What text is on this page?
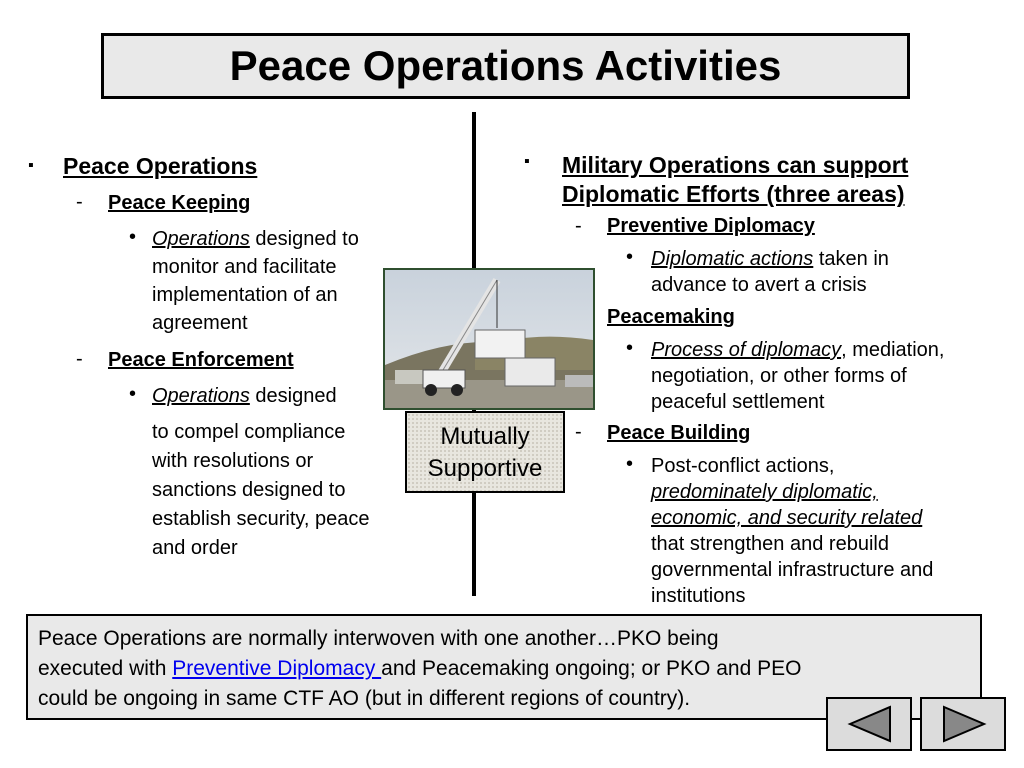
Peace Operations Activities
▪ Peace Operations
- Peace Keeping
• Operations designed to
monitor and facilitate
implementation of an
agreement
- Peace Enforcement
• Operations designed
to compel compliance
with resolutions or
sanctions designed to
establish security, peace
and order
Mutually
Supportive
▪ Military Operations can support
Diplomatic Efforts (three areas)
- Preventive Diplomacy
• Diplomatic actions taken in
advance to avert a crisis
Peacemaking
• Process of diplomacy, mediation,
negotiation, or other forms of
peaceful settlement
- Peace Building
• Post-conflict actions,
predominately diplomatic,
economic, and security related
that strengthen and rebuild
governmental infrastructure and
institutions
Peace Operations are normally interwoven with one another…PKO being
executed with Preventive Diplomacy and Peacemaking ongoing; or PKO and PEO
could be ongoing in same CTF AO (but in different regions of country).
